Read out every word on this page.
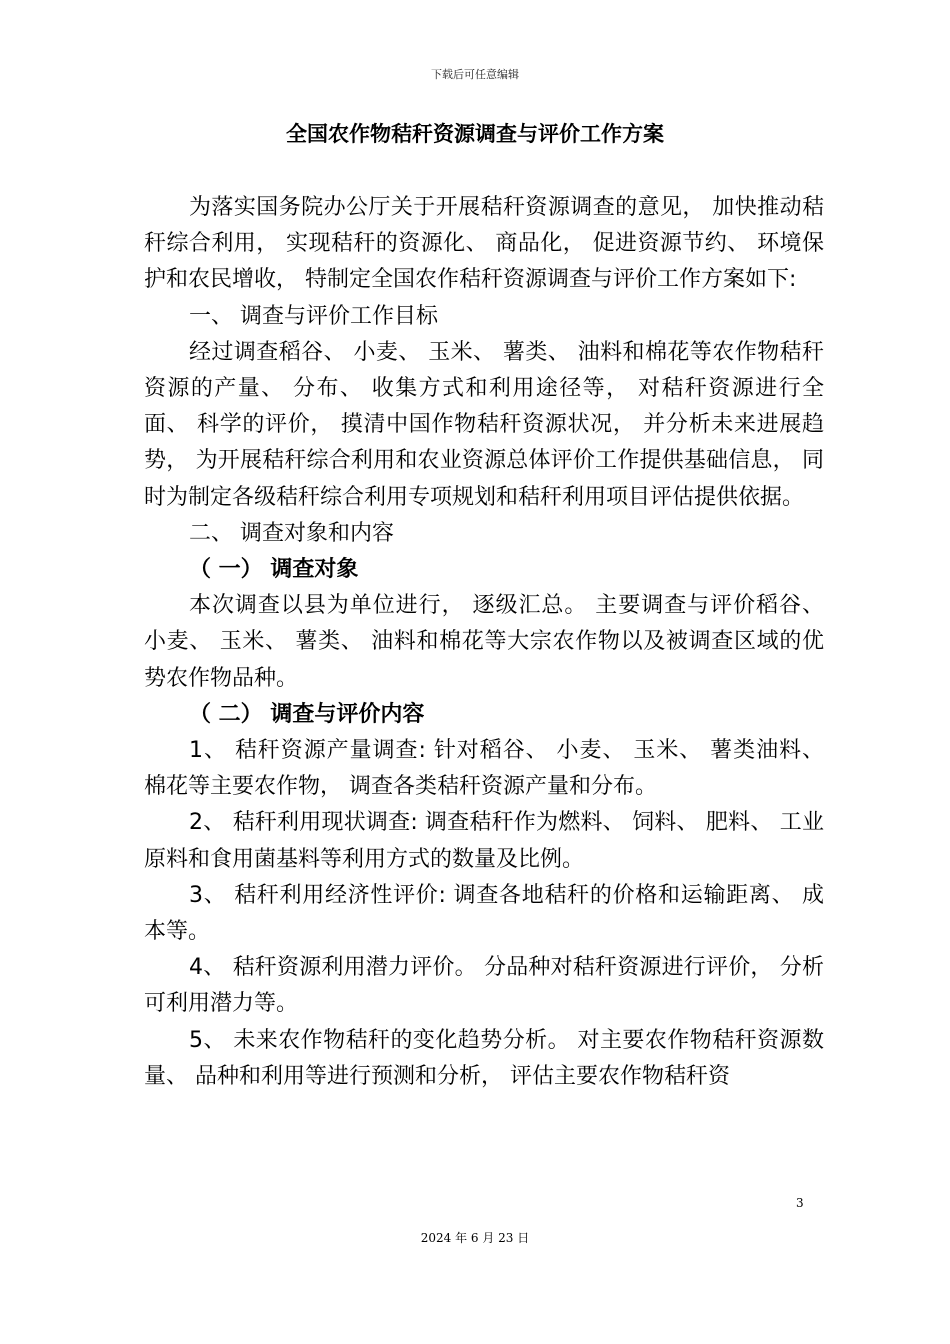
下载后可任意编辑
全国农作物秸秆资源调查与评价工作方案

为落实国务院办公厅关于开展秸秆资源调查的意见， 加快推动秸秆综合利用， 实现秸秆的资源化、 商品化， 促进资源节约、 环境保护和农民增收， 特制定全国农作秸秆资源调查与评价工作方案如下:

一、 调查与评价工作目标

经过调查稻谷、 小麦、 玉米、 薯类、 油料和棉花等农作物秸秆资源的产量、 分布、 收集方式和利用途径等， 对秸秆资源进行全面、 科学的评价， 摸清中国作物秸秆资源状况， 并分析未来进展趋势， 为开展秸秆综合利用和农业资源总体评价工作提供基础信息， 同时为制定各级秸秆综合利用专项规划和秸秆利用项目评估提供依据。

二、 调查对象和内容

（ 一） 调查对象

本次调查以县为单位进行， 逐级汇总。 主要调查与评价稻谷、 小麦、 玉米、 薯类、 油料和棉花等大宗农作物以及被调查区域的优势农作物品种。

（ 二） 调查与评价内容

1、 秸秆资源产量调查: 针对稻谷、 小麦、 玉米、 薯类油料、 棉花等主要农作物， 调查各类秸秆资源产量和分布。

2、 秸秆利用现状调查: 调查秸秆作为燃料、 饲料、 肥料、 工业原料和食用菌基料等利用方式的数量及比例。

3、 秸秆利用经济性评价: 调查各地秸秆的价格和运输距离、 成本等。

4、 秸秆资源利用潜力评价。 分品种对秸秆资源进行评价， 分析可利用潜力等。

5、 未来农作物秸秆的变化趋势分析。 对主要农作物秸秆资源数量、 品种和利用等进行预测和分析， 评估主要农作物秸秆资

3
2024 年 6 月 23 日
